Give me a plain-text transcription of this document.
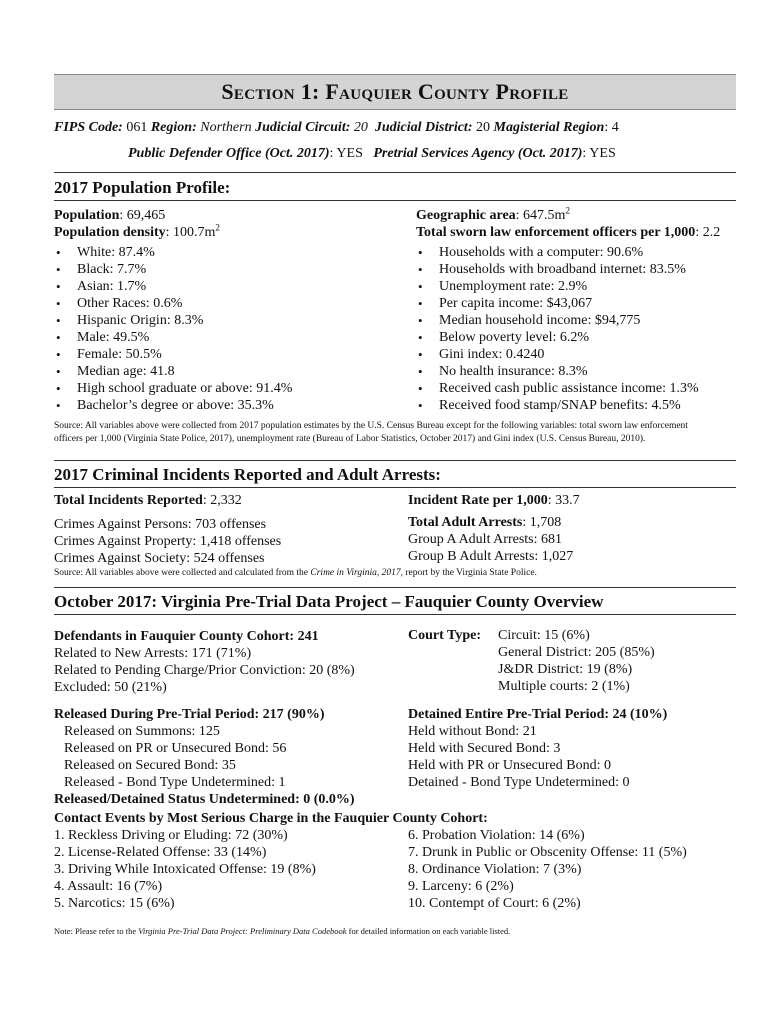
Section 1: Fauquier County Profile
FIPS Code: 061 Region: Northern Judicial Circuit: 20 Judicial District: 20 Magisterial Region: 4
Public Defender Office (Oct. 2017): YES Pretrial Services Agency (Oct. 2017): YES
2017 Population Profile:
Population: 69,465
Population density: $100.7m^2$
Geographic area: $647.5m^2$
Total sworn law enforcement officers per 1,000: 2.2
• White: 87.4%
• Black: 7.7%
• Asian: 1.7%
• Other Races: 0.6%
• Hispanic Origin: 8.3%
• Male: 49.5%
• Female: 50.5%
• Median age: 41.8
• High school graduate or above: 91.4%
• Bachelor’s degree or above: 35.3%
• Households with a computer: 90.6%
• Households with broadband internet: 83.5%
• Unemployment rate: 2.9%
• Per capita income: $43,067
• Median household income: $94,775
• Below poverty level: 6.2%
• Gini index: 0.4240
• No health insurance: 8.3%
• Received cash public assistance income: 1.3%
• Received food stamp/SNAP benefits: 4.5%
Source: All variables above were collected from 2017 population estimates by the U.S. Census Bureau except for the following variables: total sworn law enforcement
officers per 1,000 (Virginia State Police, 2017), unemployment rate (Bureau of Labor Statistics, October 2017) and Gini index (U.S. Census Bureau, 2010).
2017 Criminal Incidents Reported and Adult Arrests:
Total Incidents Reported: 2,332	Incident Rate per 1,000: 33.7
Crimes Against Persons: 703 offenses
Crimes Against Property: 1,418 offenses
Crimes Against Society: 524 offenses
Total Adult Arrests: 1,708
Group A Adult Arrests: 681
Group B Adult Arrests: 1,027
Source: All variables above were collected and calculated from the Crime in Virginia, 2017, report by the Virginia State Police.
October 2017: Virginia Pre-Trial Data Project – Fauquier County Overview
Defendants in Fauquier County Cohort: 241
Related to New Arrests: 171 (71%)
Related to Pending Charge/Prior Conviction: 20 (8%)
Excluded: 50 (21%)
Court Type: Circuit: 15 (6%)
General District: 205 (85%)
J&DR District: 19 (8%)
Multiple courts: 2 (1%)
Released During Pre-Trial Period: 217 (90%)
Released on Summons: 125
Released on PR or Unsecured Bond: 56
Released on Secured Bond: 35
Released - Bond Type Undetermined: 1
Released/Detained Status Undetermined: 0 (0.0%)
Detained Entire Pre-Trial Period: 24 (10%)
Held without Bond: 21
Held with Secured Bond: 3
Held with PR or Unsecured Bond: 0
Detained - Bond Type Undetermined: 0
Contact Events by Most Serious Charge in the Fauquier County Cohort:
1. Reckless Driving or Eluding: 72 (30%)
2. License-Related Offense: 33 (14%)
3. Driving While Intoxicated Offense: 19 (8%)
4. Assault: 16 (7%)
5. Narcotics: 15 (6%)
6. Probation Violation: 14 (6%)
7. Drunk in Public or Obscenity Offense: 11 (5%)
8. Ordinance Violation: 7 (3%)
9. Larceny: 6 (2%)
10. Contempt of Court: 6 (2%)
Note: Please refer to the Virginia Pre-Trial Data Project: Preliminary Data Codebook for detailed information on each variable listed.
